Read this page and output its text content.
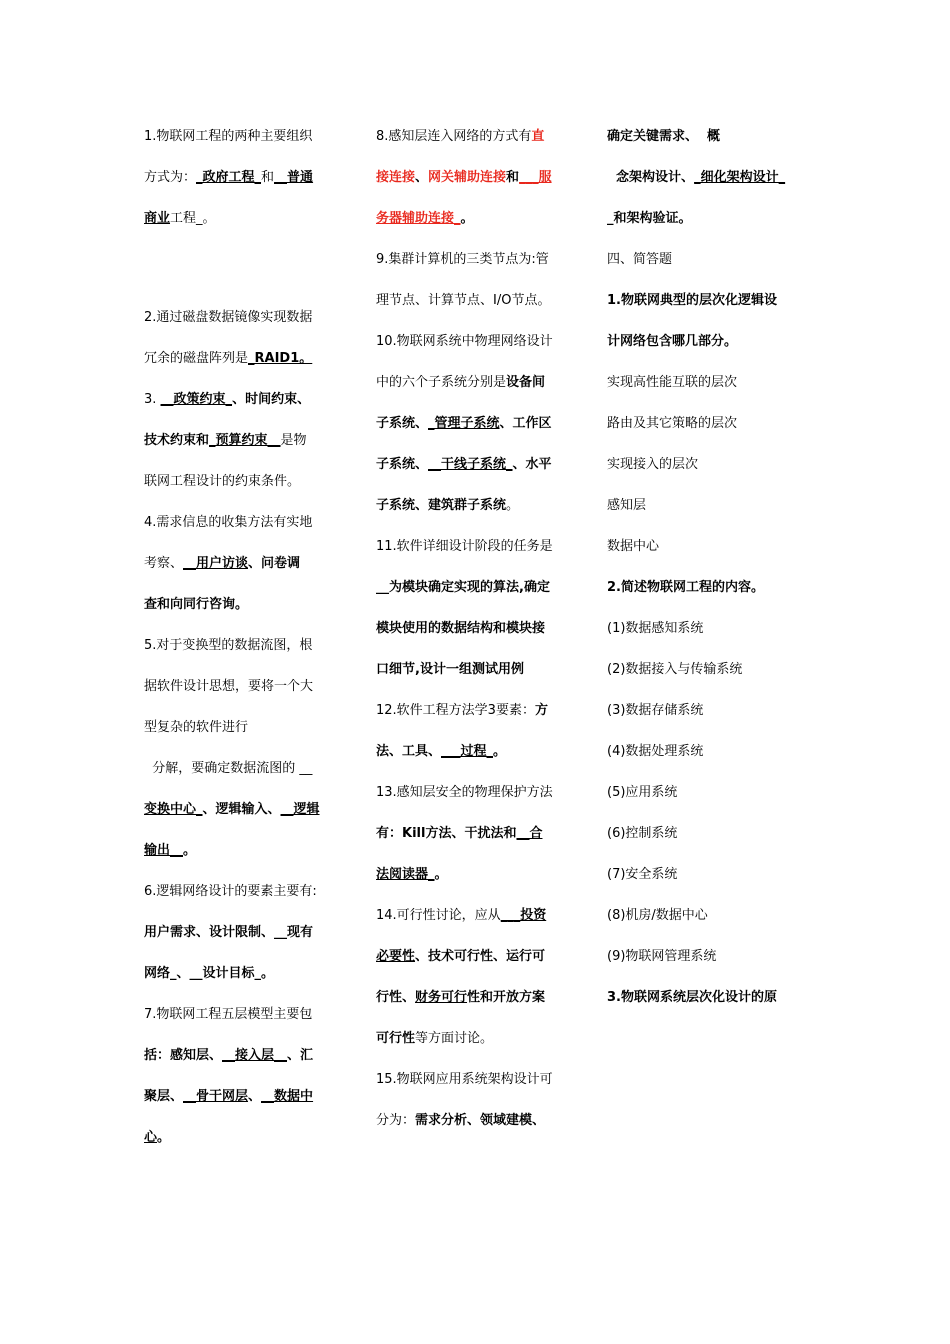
1.物联网工程的两种主要组织
方式为：_政府工程_和__普通
商业工程_。
2.通过磁盘数据镜像实现数据
冗余的磁盘阵列是_RAID1。
3. __政策约束_、时间约束、
技术约束和_预算约束__是物
联网工程设计的约束条件。
4.需求信息的收集方法有实地
考察、__用户访谈、问卷调
查和向同行咨询。
5.对于变换型的数据流图，根
据软件设计思想，要将一个大
型复杂的软件进行
分解，要确定数据流图的 __
变换中心_、逻辑输入、__逻辑
输出__。
6.逻辑网络设计的要素主要有:
用户需求、设计限制、__现有
网络_、__设计目标_。
7.物联网工程五层模型主要包
括：感知层、__接入层__、汇
聚层、__骨干网层、__数据中
心。
8.感知层连入网络的方式有直
接连接、网关辅助连接和___服
务器辅助连接_。
9.集群计算机的三类节点为:管
理节点、计算节点、I/O节点。
10.物联网系统中物理网络设计
中的六个子系统分别是设备间
子系统、_管理子系统、工作区
子系统、__干线子系统_、水平
子系统、建筑群子系统。
11.软件详细设计阶段的任务是
__为模块确定实现的算法,确定
模块使用的数据结构和模块接
口细节,设计一组测试用例
12.软件工程方法学3要素：方
法、工具、___过程_。
13.感知层安全的物理保护方法
有：Kill方法、干扰法和__合
法阅读器_。
14.可行性讨论，应从___投资
必要性、技术可行性、运行可
行性、财务可行性和开放方案
可行性等方面讨论。
15.物联网应用系统架构设计可
分为：需求分析、领域建模、
确定关键需求、  概
念架构设计、_细化架构设计_
_和架构验证。
四、简答题
1.物联网典型的层次化逻辑设
计网络包含哪几部分。
实现高性能互联的层次
路由及其它策略的层次
实现接入的层次
感知层
数据中心
2.简述物联网工程的内容。
(1)数据感知系统
(2)数据接入与传输系统
(3)数据存储系统
(4)数据处理系统
(5)应用系统
(6)控制系统
(7)安全系统
(8)机房/数据中心
(9)物联网管理系统
3.物联网系统层次化设计的原
